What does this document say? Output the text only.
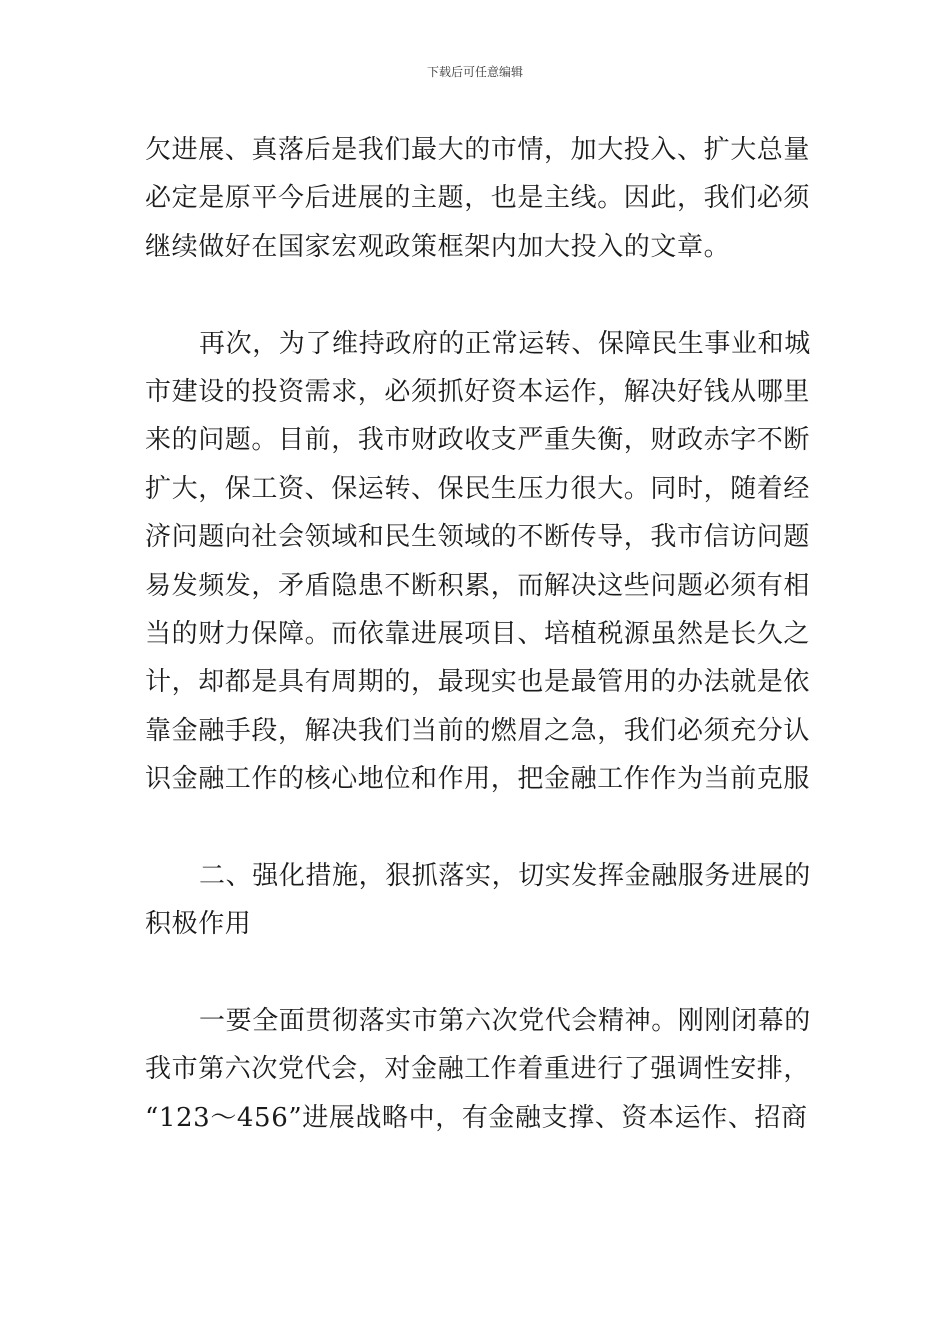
下载后可任意编辑
欠进展、真落后是我们最大的市情，加大投入、扩大总量
必定是原平今后进展的主题，也是主线。因此，我们必须
继续做好在国家宏观政策框架内加大投入的文章。
再次，为了维持政府的正常运转、保障民生事业和城
市建设的投资需求，必须抓好资本运作，解决好钱从哪里
来的问题。目前，我市财政收支严重失衡，财政赤字不断
扩大，保工资、保运转、保民生压力很大。同时，随着经
济问题向社会领域和民生领域的不断传导，我市信访问题
易发频发，矛盾隐患不断积累，而解决这些问题必须有相
当的财力保障。而依靠进展项目、培植税源虽然是长久之
计，却都是具有周期的，最现实也是最管用的办法就是依
靠金融手段，解决我们当前的燃眉之急，我们必须充分认
识金融工作的核心地位和作用，把金融工作作为当前克服
二、强化措施，狠抓落实，切实发挥金融服务进展的
积极作用
一要全面贯彻落实市第六次党代会精神。刚刚闭幕的
我市第六次党代会，对金融工作着重进行了强调性安排，
“123～456”进展战略中，有金融支撑、资本运作、招商
